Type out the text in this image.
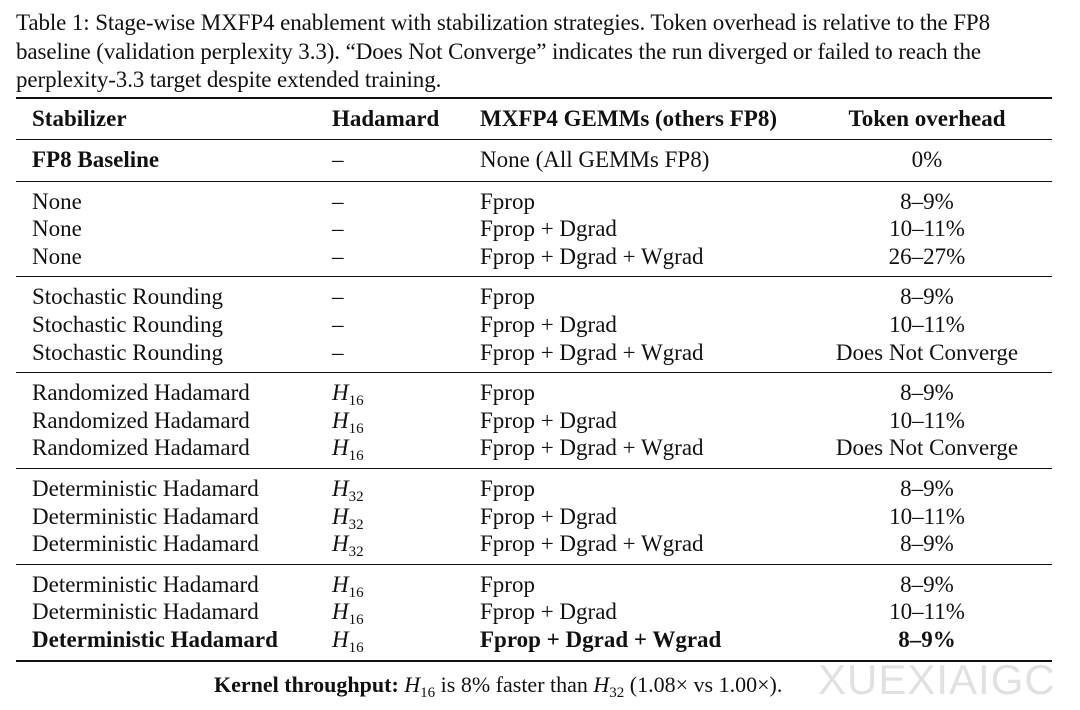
Table 1: Stage-wise MXFP4 enablement with stabilization strategies. Token overhead is relative to the FP8 baseline (validation perplexity 3.3). “Does Not Converge” indicates the run diverged or failed to reach the perplexity-3.3 target despite extended training.
Stabilizer	Hadamard	MXFP4 GEMMs (others FP8)	Token overhead
FP8 Baseline	–	None (All GEMMs FP8)	0%
None	–	Fprop	8–9%
None	–	Fprop + Dgrad	10–11%
None	–	Fprop + Dgrad + Wgrad	26–27%
Stochastic Rounding	–	Fprop	8–9%
Stochastic Rounding	–	Fprop + Dgrad	10–11%
Stochastic Rounding	–	Fprop + Dgrad + Wgrad	Does Not Converge
Randomized Hadamard	$H_{16}$	Fprop	8–9%
Randomized Hadamard	$H_{16}$	Fprop + Dgrad	10–11%
Randomized Hadamard	$H_{16}$	Fprop + Dgrad + Wgrad	Does Not Converge
Deterministic Hadamard	$H_{32}$	Fprop	8–9%
Deterministic Hadamard	$H_{32}$	Fprop + Dgrad	10–11%
Deterministic Hadamard	$H_{32}$	Fprop + Dgrad + Wgrad	8–9%
Deterministic Hadamard	$H_{16}$	Fprop	8–9%
Deterministic Hadamard	$H_{16}$	Fprop + Dgrad	10–11%
Deterministic Hadamard	$H_{16}$	Fprop + Dgrad + Wgrad	8–9%
Kernel throughput: $H_{16}$ is 8% faster than $H_{32}$ (1.08× vs 1.00×). XUEXIAIGC
